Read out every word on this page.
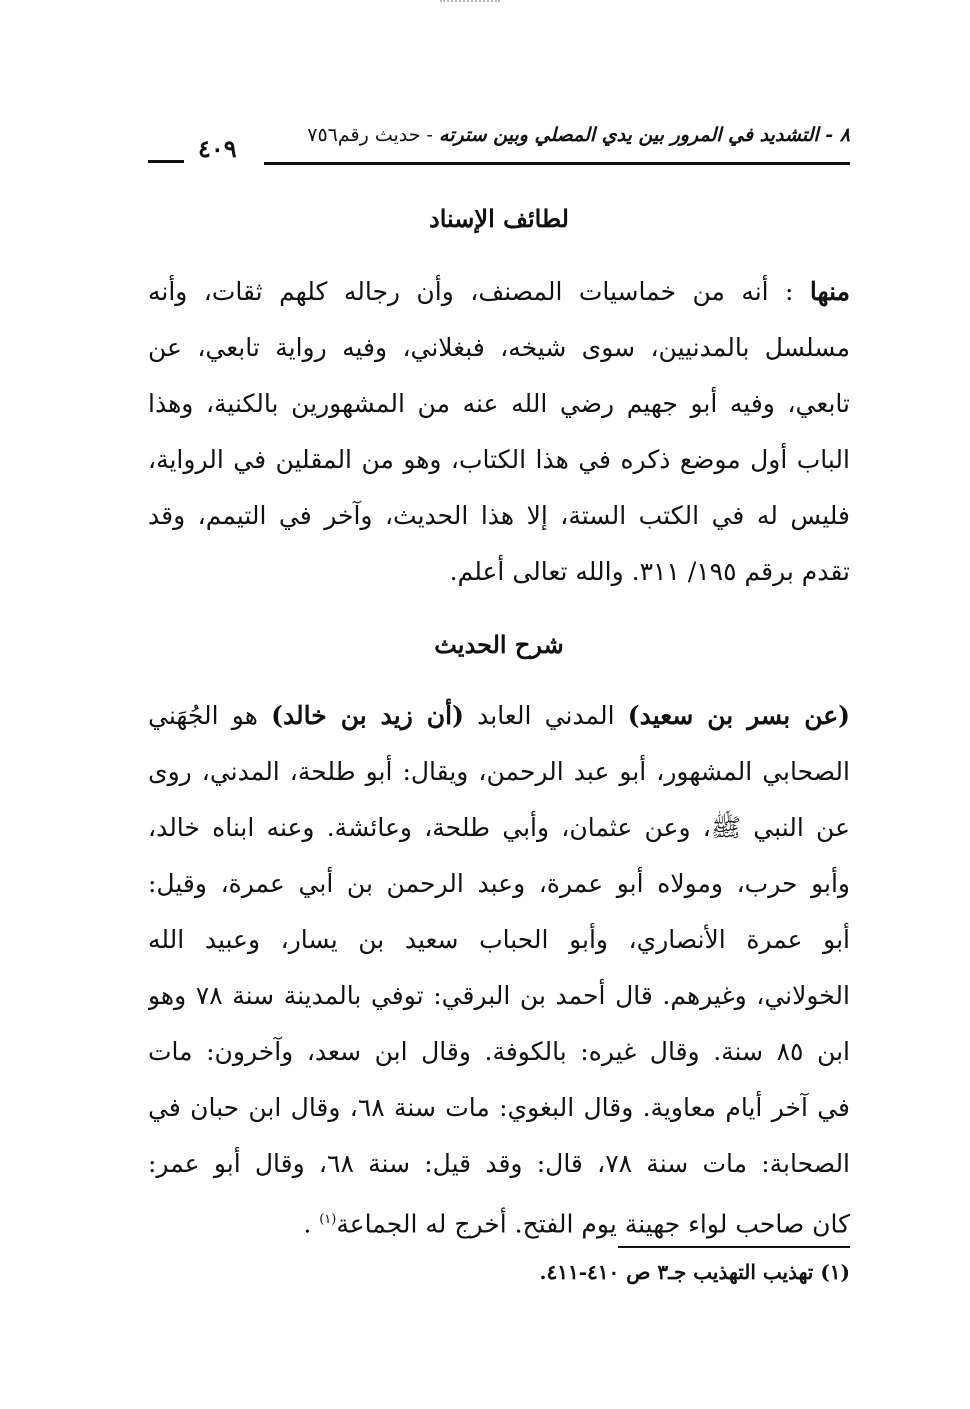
٨ - التشديد في المرور بين يدي المصلي وبين سترته - حديث رقم٧٥٦
٤٠٩
لطائف الإسناد
منها : أنه من خماسيات المصنف، وأن رجاله كلهم ثقات، وأنه
مسلسل بالمدنيين، سوى شيخه، فبغلاني، وفيه رواية تابعي، عن
تابعي، وفيه أبو جهيم رضي الله عنه من المشهورين بالكنية، وهذا
الباب أول موضع ذكره في هذا الكتاب، وهو من المقلين في الرواية،
فليس له في الكتب الستة، إلا هذا الحديث، وآخر في التيمم، وقد
تقدم برقم ١٩٥/ ٣١١. والله تعالى أعلم.
شرح الحديث
(عن بسر بن سعيد) المدني العابد (أن زيد بن خالد) هو الجُهَني
الصحابي المشهور، أبو عبد الرحمن، ويقال: أبو طلحة، المدني، روى
عن النبي ﷺ، وعن عثمان، وأبي طلحة، وعائشة. وعنه ابناه خالد،
وأبو حرب، ومولاه أبو عمرة، وعبد الرحمن بن أبي عمرة، وقيل:
أبو عمرة الأنصاري، وأبو الحباب سعيد بن يسار، وعبيد الله
الخولاني، وغيرهم. قال أحمد بن البرقي: توفي بالمدينة سنة ٧٨ وهو
ابن ٨٥ سنة. وقال غيره: بالكوفة. وقال ابن سعد، وآخرون: مات
في آخر أيام معاوية. وقال البغوي: مات سنة ٦٨، وقال ابن حبان في
الصحابة: مات سنة ٧٨، قال: وقد قيل: سنة ٦٨، وقال أبو عمر:
كان صاحب لواء جهينة يوم الفتح. أخرج له الجماعة$^{(١)}$ .
(١) تهذيب التهذيب جـ٣ ص ٤١٠-٤١١.
